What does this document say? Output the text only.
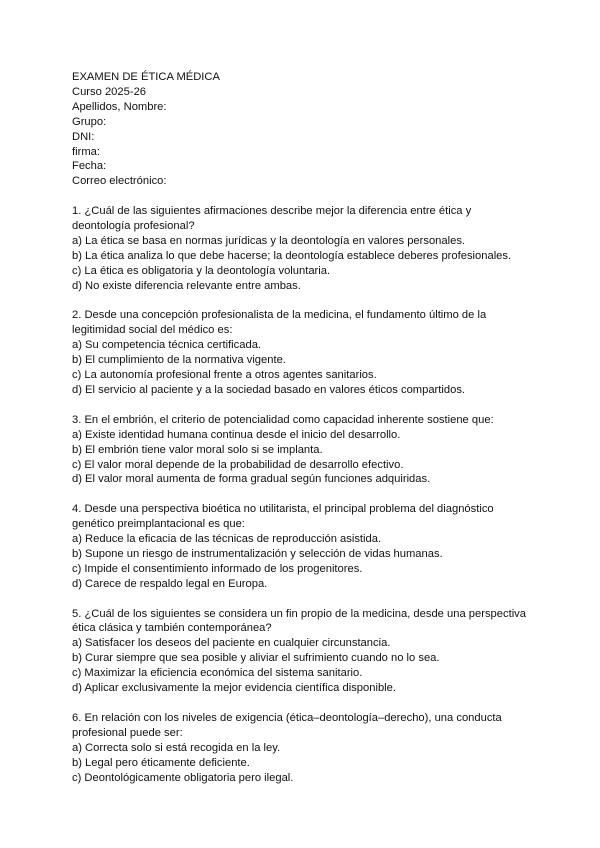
EXAMEN DE ÉTICA MÉDICA
Curso 2025-26
Apellidos, Nombre:
Grupo:
DNI:
firma:
Fecha:
Correo electrónico:
1. ¿Cuál de las siguientes afirmaciones describe mejor la diferencia entre ética y
deontología profesional?
a) La ética se basa en normas jurídicas y la deontología en valores personales.
b) La ética analiza lo que debe hacerse; la deontología establece deberes profesionales.
c) La ética es obligatoria y la deontología voluntaria.
d) No existe diferencia relevante entre ambas.
2. Desde una concepción profesionalista de la medicina, el fundamento último de la
legitimidad social del médico es:
a) Su competencia técnica certificada.
b) El cumplimiento de la normativa vigente.
c) La autonomía profesional frente a otros agentes sanitarios.
d) El servicio al paciente y a la sociedad basado en valores éticos compartidos.
3. En el embrión, el criterio de potencialidad como capacidad inherente sostiene que:
a) Existe identidad humana continua desde el inicio del desarrollo.
b) El embrión tiene valor moral solo si se implanta.
c) El valor moral depende de la probabilidad de desarrollo efectivo.
d) El valor moral aumenta de forma gradual según funciones adquiridas.
4. Desde una perspectiva bioética no utilitarista, el principal problema del diagnóstico
genético preimplantacional es que:
a) Reduce la eficacia de las técnicas de reproducción asistida.
b) Supone un riesgo de instrumentalización y selección de vidas humanas.
c) Impide el consentimiento informado de los progenitores.
d) Carece de respaldo legal en Europa.
5. ¿Cuál de los siguientes se considera un fin propio de la medicina, desde una perspectiva
ética clásica y también contemporánea?
a) Satisfacer los deseos del paciente en cualquier circunstancia.
b) Curar siempre que sea posible y aliviar el sufrimiento cuando no lo sea.
c) Maximizar la eficiencia económica del sistema sanitario.
d) Aplicar exclusivamente la mejor evidencia científica disponible.
6. En relación con los niveles de exigencia (ética–deontología–derecho), una conducta
profesional puede ser:
a) Correcta solo si está recogida en la ley.
b) Legal pero éticamente deficiente.
c) Deontológicamente obligatoria pero ilegal.
